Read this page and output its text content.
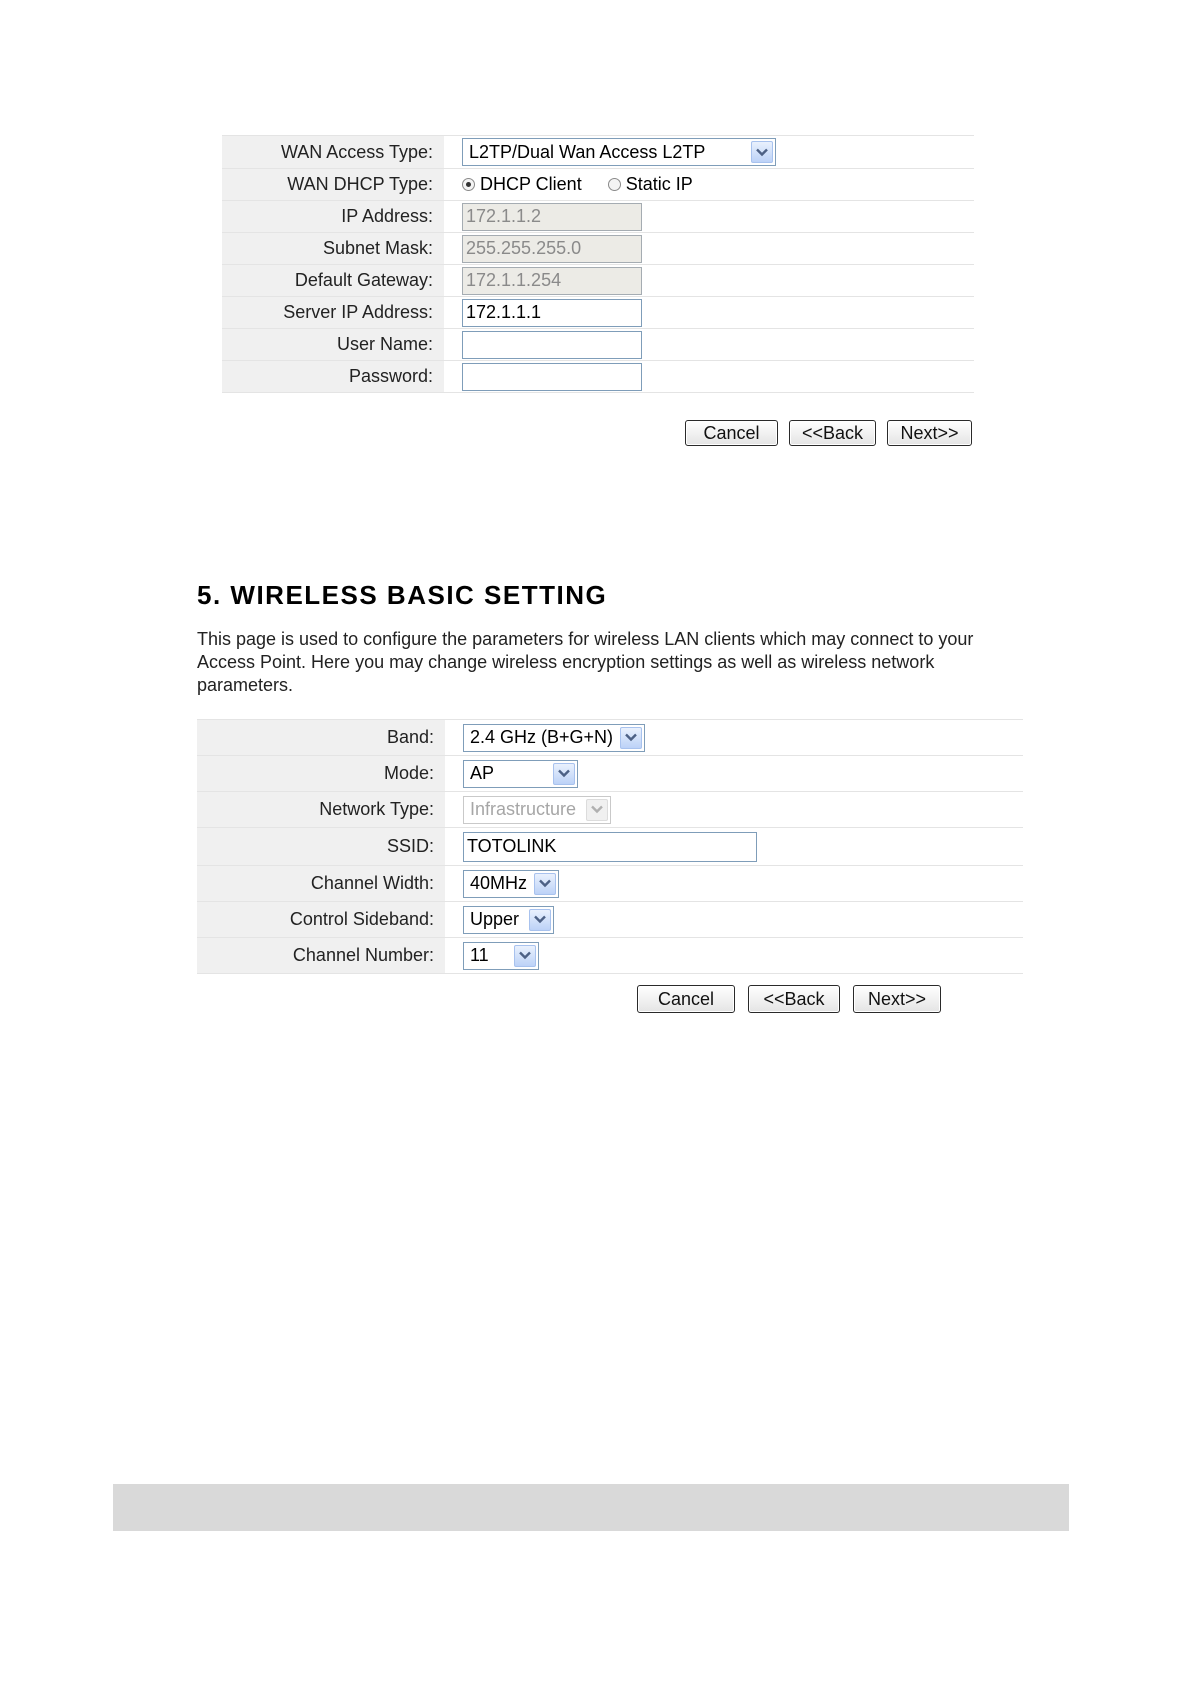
WAN Access Type:	L2TP/Dual Wan Access L2TP
WAN DHCP Type:	DHCP Client Static IP
IP Address:	172.1.1.2
Subnet Mask:	255.255.255.0
Default Gateway:	172.1.1.254
Server IP Address:	172.1.1.1
User Name:
Password:
Cancel	<<Back	Next>>
5. WIRELESS BASIC SETTING
This page is used to configure the parameters for wireless LAN clients which may connect to your Access Point. Here you may change wireless encryption settings as well as wireless network parameters.
Band:	2.4 GHz (B+G+N)
Mode:	AP
Network Type:	Infrastructure
SSID:	TOTOLINK
Channel Width:	40MHz
Control Sideband:	Upper
Channel Number:	11
Cancel	<<Back	Next>>
